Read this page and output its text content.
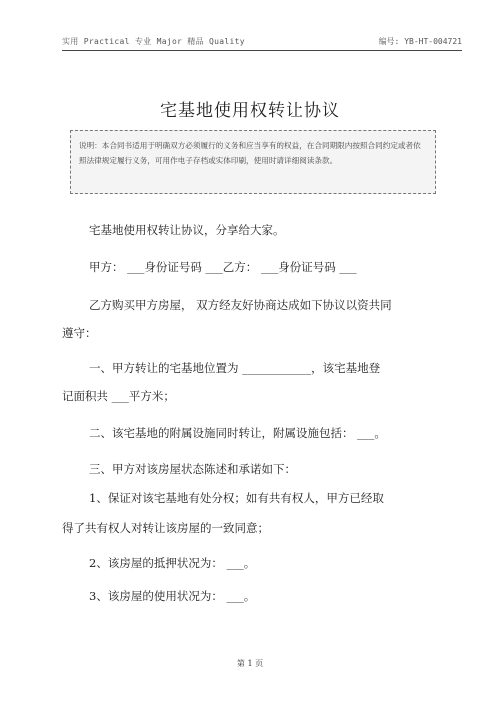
实用 Practical 专业 Major 精品 Quality	编号: YB-HT-004721
宅基地使用权转让协议
说明：本合同书适用于明确双方必须履行的义务和应当享有的权益，在合同期限内按照合同约定或者依照法律规定履行义务，可用作电子存档或实体印刷，使用时请详细阅读条款。
宅基地使用权转让协议，分享给大家。
甲方： ___身份证号码 ___乙方： ___身份证号码 ___
乙方购买甲方房屋， 双方经友好协商达成如下协议以资共同
遵守：
一、甲方转让的宅基地位置为 ____________，该宅基地登
记面积共 ___平方米；
二、该宅基地的附属设施同时转让，附属设施包括： ___。
三、甲方对该房屋状态陈述和承诺如下：
1、保证对该宅基地有处分权；如有共有权人，甲方已经取
得了共有权人对转让该房屋的一致同意；
2、该房屋的抵押状况为： ___。
3、该房屋的使用状况为： ___。
第 1 页
